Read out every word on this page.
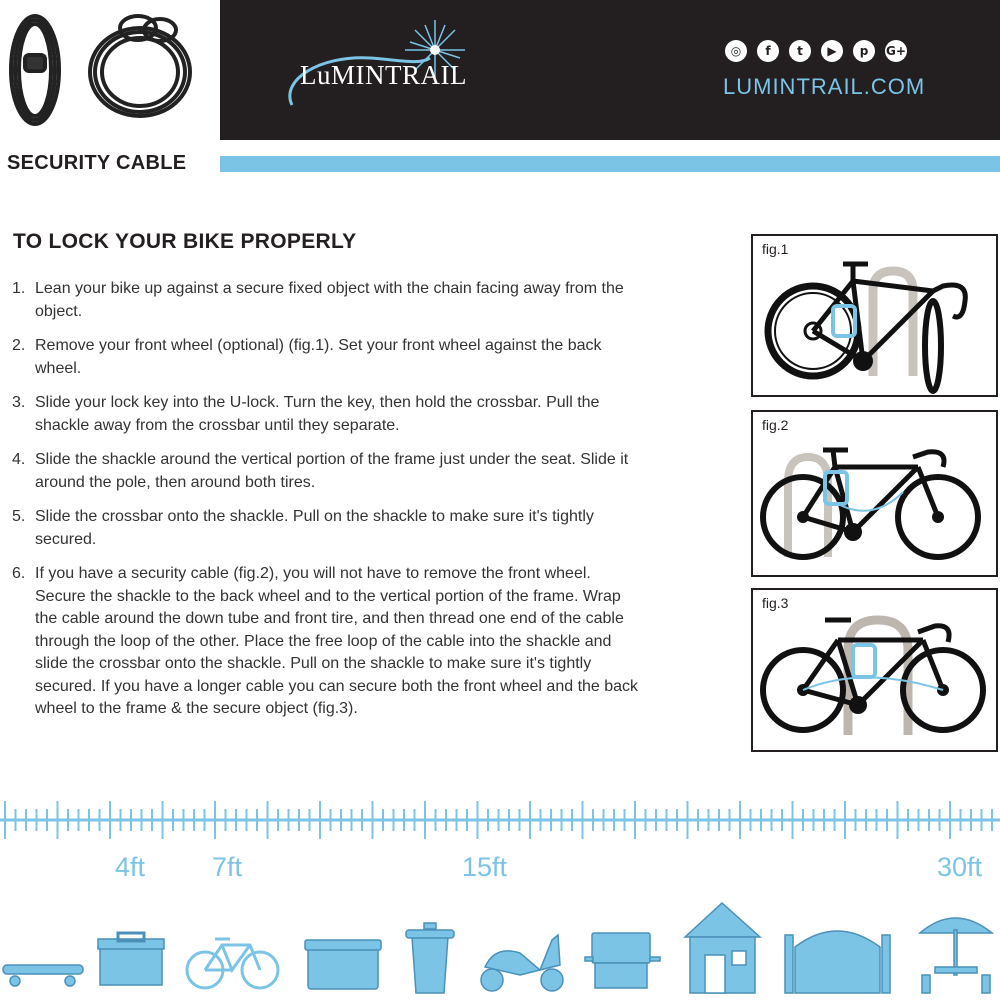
LuMINTRAIL
◎	f	t	▶	p	G+
LUMINTRAIL.COM
SECURITY CABLE
TO LOCK YOUR BIKE PROPERLY
1. Lean your bike up against a secure fixed object with the chain facing away from the object.
2. Remove your front wheel (optional) (fig.1). Set your front wheel against the back wheel.
3. Slide your lock key into the U-lock. Turn the key, then hold the crossbar. Pull the shackle away from the crossbar until they separate.
4. Slide the shackle around the vertical portion of the frame just under the seat. Slide it around the pole, then around both tires.
5. Slide the crossbar onto the shackle. Pull on the shackle to make sure it's tightly secured.
6. If you have a security cable (fig.2), you will not have to remove the front wheel. Secure the shackle to the back wheel and to the vertical portion of the frame. Wrap the cable around the down tube and front tire, and then thread one end of the cable through the loop of the other. Place the free loop of the cable into the shackle and slide the crossbar onto the shackle. Pull on the shackle to make sure it's tightly secured. If you have a longer cable you can secure both the front wheel and the back wheel to the frame & the secure object (fig.3).
fig.1
fig.2
fig.3
4ft 7ft	15ft	30ft
